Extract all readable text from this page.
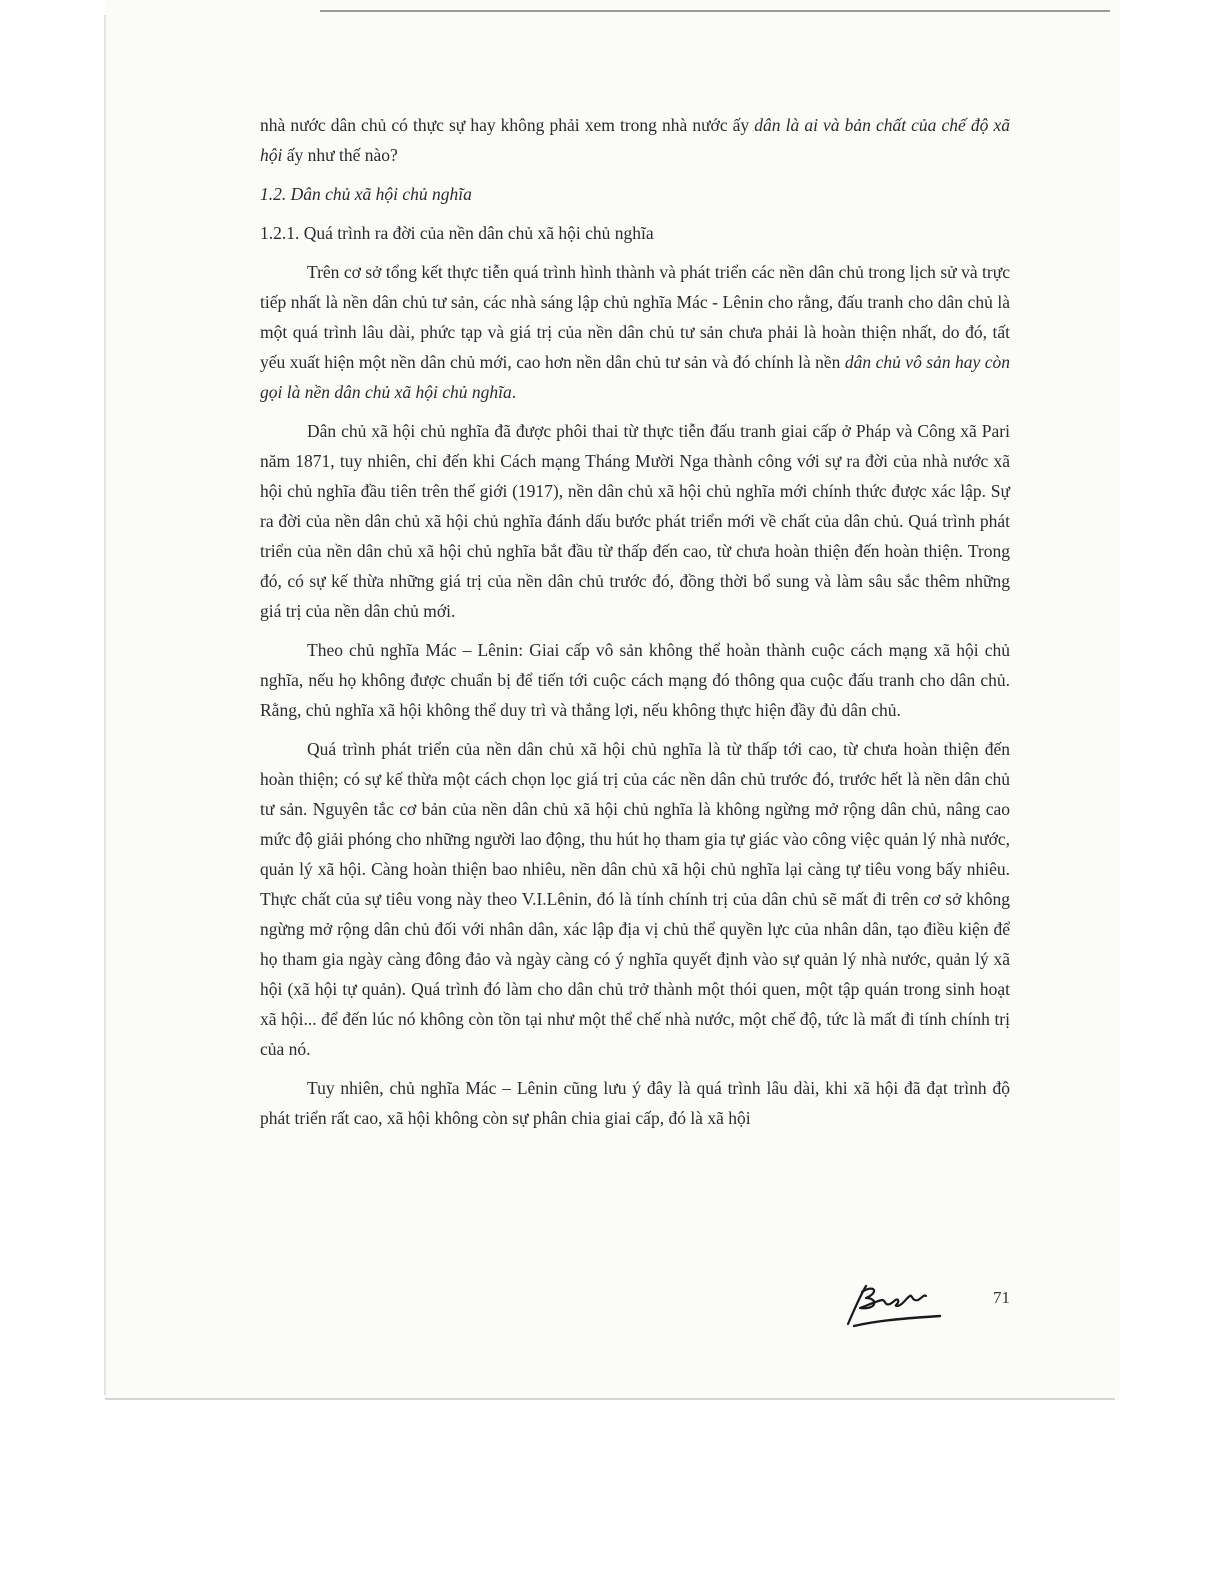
nhà nước dân chủ có thực sự hay không phải xem trong nhà nước ấy dân là ai và bản chất của chế độ xã hội ấy như thế nào?

1.2. Dân chủ xã hội chủ nghĩa

1.2.1. Quá trình ra đời của nền dân chủ xã hội chủ nghĩa

Trên cơ sở tổng kết thực tiễn quá trình hình thành và phát triển các nền dân chủ trong lịch sử và trực tiếp nhất là nền dân chủ tư sản, các nhà sáng lập chủ nghĩa Mác - Lênin cho rằng, đấu tranh cho dân chủ là một quá trình lâu dài, phức tạp và giá trị của nền dân chủ tư sản chưa phải là hoàn thiện nhất, do đó, tất yếu xuất hiện một nền dân chủ mới, cao hơn nền dân chủ tư sản và đó chính là nền dân chủ vô sản hay còn gọi là nền dân chủ xã hội chủ nghĩa.

Dân chủ xã hội chủ nghĩa đã được phôi thai từ thực tiễn đấu tranh giai cấp ở Pháp và Công xã Pari năm 1871, tuy nhiên, chỉ đến khi Cách mạng Tháng Mười Nga thành công với sự ra đời của nhà nước xã hội chủ nghĩa đầu tiên trên thế giới (1917), nền dân chủ xã hội chủ nghĩa mới chính thức được xác lập. Sự ra đời của nền dân chủ xã hội chủ nghĩa đánh dấu bước phát triển mới về chất của dân chủ. Quá trình phát triển của nền dân chủ xã hội chủ nghĩa bắt đầu từ thấp đến cao, từ chưa hoàn thiện đến hoàn thiện. Trong đó, có sự kế thừa những giá trị của nền dân chủ trước đó, đồng thời bổ sung và làm sâu sắc thêm những giá trị của nền dân chủ mới.

Theo chủ nghĩa Mác – Lênin: Giai cấp vô sản không thể hoàn thành cuộc cách mạng xã hội chủ nghĩa, nếu họ không được chuẩn bị để tiến tới cuộc cách mạng đó thông qua cuộc đấu tranh cho dân chủ. Rằng, chủ nghĩa xã hội không thể duy trì và thắng lợi, nếu không thực hiện đầy đủ dân chủ.

Quá trình phát triển của nền dân chủ xã hội chủ nghĩa là từ thấp tới cao, từ chưa hoàn thiện đến hoàn thiện; có sự kế thừa một cách chọn lọc giá trị của các nền dân chủ trước đó, trước hết là nền dân chủ tư sản. Nguyên tắc cơ bản của nền dân chủ xã hội chủ nghĩa là không ngừng mở rộng dân chủ, nâng cao mức độ giải phóng cho những người lao động, thu hút họ tham gia tự giác vào công việc quản lý nhà nước, quản lý xã hội. Càng hoàn thiện bao nhiêu, nền dân chủ xã hội chủ nghĩa lại càng tự tiêu vong bấy nhiêu. Thực chất của sự tiêu vong này theo V.I.Lênin, đó là tính chính trị của dân chủ sẽ mất đi trên cơ sở không ngừng mở rộng dân chủ đối với nhân dân, xác lập địa vị chủ thể quyền lực của nhân dân, tạo điều kiện để họ tham gia ngày càng đông đảo và ngày càng có ý nghĩa quyết định vào sự quản lý nhà nước, quản lý xã hội (xã hội tự quản). Quá trình đó làm cho dân chủ trở thành một thói quen, một tập quán trong sinh hoạt xã hội... để đến lúc nó không còn tồn tại như một thể chế nhà nước, một chế độ, tức là mất đi tính chính trị của nó.

Tuy nhiên, chủ nghĩa Mác – Lênin cũng lưu ý đây là quá trình lâu dài, khi xã hội đã đạt trình độ phát triển rất cao, xã hội không còn sự phân chia giai cấp, đó là xã hội

71
